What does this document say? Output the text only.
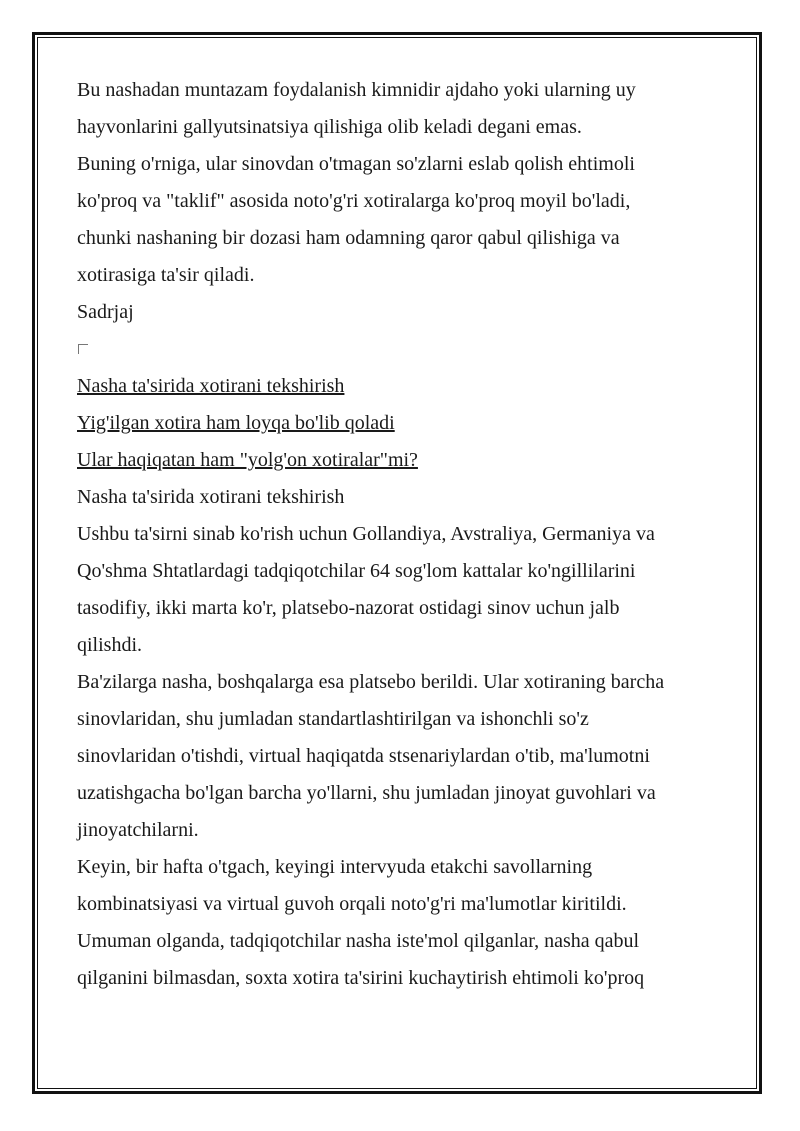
Bu nashadan muntazam foydalanish kimnidir ajdaho yoki ularning uy
hayvonlarini gallyutsinatsiya qilishiga olib keladi degani emas.
Buning o'rniga, ular sinovdan o'tmagan so'zlarni eslab qolish ehtimoli
ko'proq va "taklif" asosida noto'g'ri xotiralarga ko'proq moyil bo'ladi,
chunki nashaning bir dozasi ham odamning qaror qabul qilishiga va
xotirasiga ta'sir qiladi.
Sadrjaj
Nasha ta'sirida xotirani tekshirish
Yig'ilgan xotira ham loyqa bo'lib qoladi
Ular haqiqatan ham "yolg'on xotiralar"mi?
Nasha ta'sirida xotirani tekshirish
Ushbu ta'sirni sinab ko'rish uchun Gollandiya, Avstraliya, Germaniya va
Qo'shma Shtatlardagi tadqiqotchilar 64 sog'lom kattalar ko'ngillilarini
tasodifiy, ikki marta ko'r, platsebo-nazorat ostidagi sinov uchun jalb
qilishdi.
Ba'zilarga nasha, boshqalarga esa platsebo berildi. Ular xotiraning barcha
sinovlaridan, shu jumladan standartlashtirilgan va ishonchli so'z
sinovlaridan o'tishdi, virtual haqiqatda stsenariylardan o'tib, ma'lumotni
uzatishgacha bo'lgan barcha yo'llarni, shu jumladan jinoyat guvohlari va
jinoyatchilarni.
Keyin, bir hafta o'tgach, keyingi intervyuda etakchi savollarning
kombinatsiyasi va virtual guvoh orqali noto'g'ri ma'lumotlar kiritildi.
Umuman olganda, tadqiqotchilar nasha iste'mol qilganlar, nasha qabul
qilganini bilmasdan, soxta xotira ta'sirini kuchaytirish ehtimoli ko'proq
